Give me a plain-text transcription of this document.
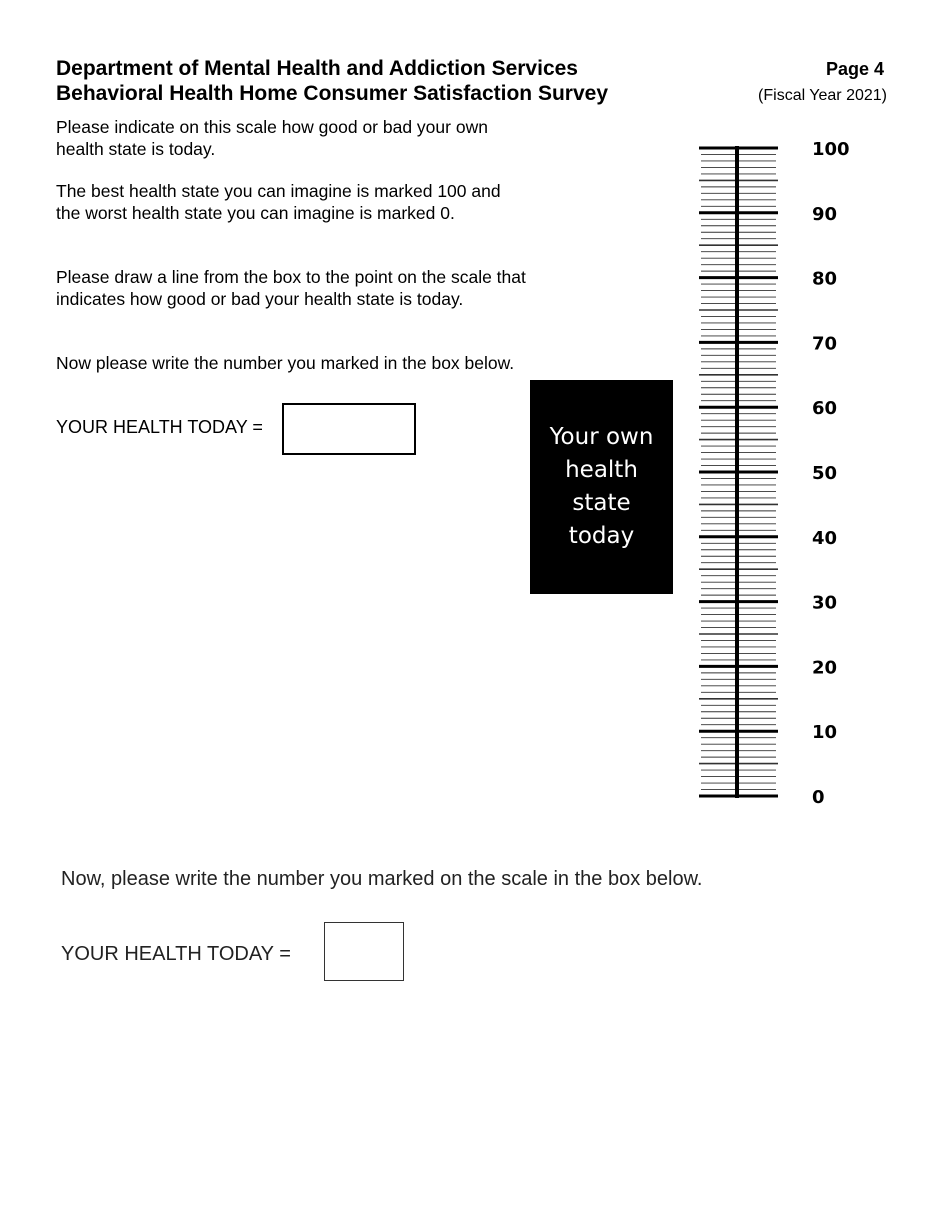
Department of Mental Health and Addiction Services
Behavioral Health Home Consumer Satisfaction Survey
Page 4
(Fiscal Year 2021)
Please indicate on this scale how good or bad your own health state is today.
The best health state you can imagine is marked 100 and the worst health state you can imagine is marked 0.
Please draw a line from the box to the point on the scale that indicates how good or bad your health state is today.
Now please write the number you marked in the box below.
YOUR HEALTH TODAY =	Your own health state today
100
90
80
70
60
50
40
30
20
10
0
Now, please write the number you marked on the scale in the box below.
YOUR HEALTH TODAY =
